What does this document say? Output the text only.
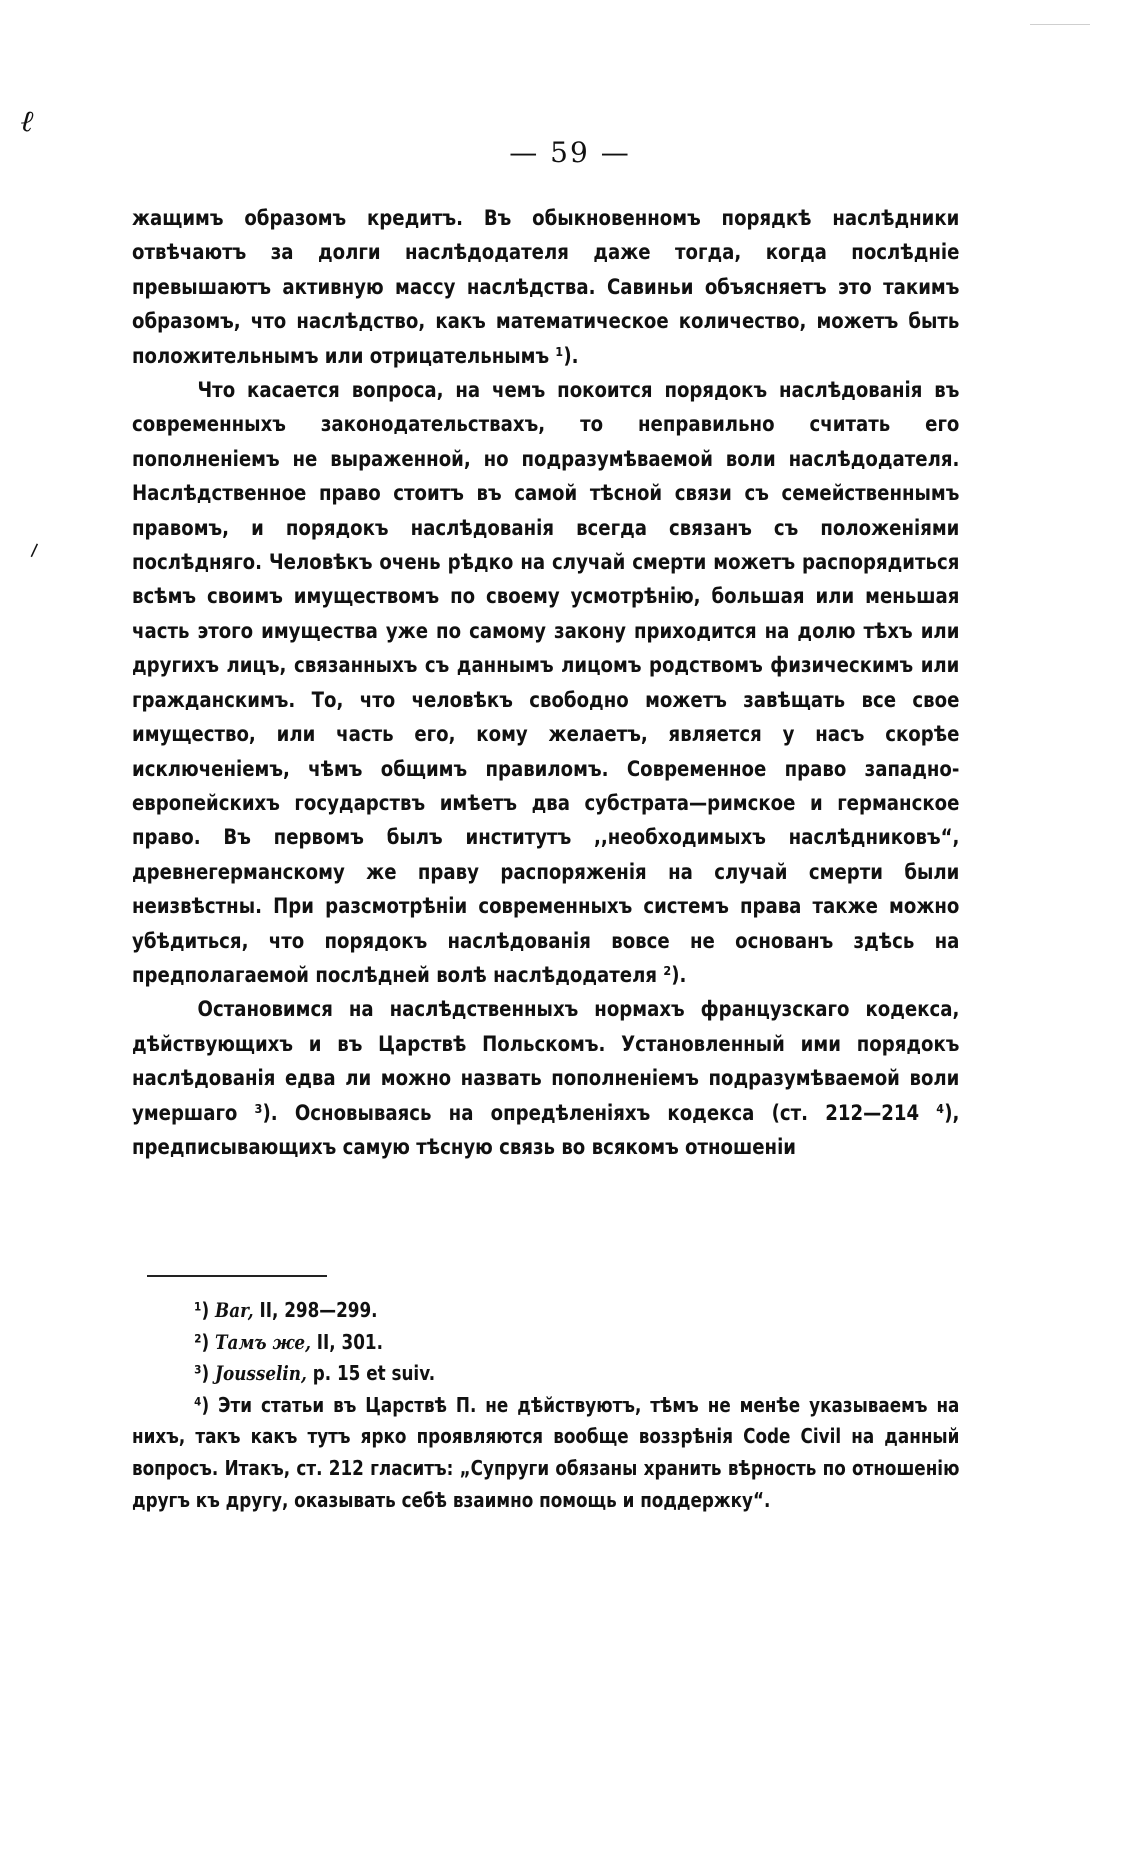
ℓ
⸝
— 59 —

жащимъ образомъ кредитъ. Въ обыкновенномъ порядкѣ наслѣдники отвѣчаютъ за долги наслѣдодателя даже тогда, когда послѣдніе превышаютъ активную массу наслѣдства. Савиньи объясняетъ это такимъ образомъ, что наслѣдство, какъ математическое количество, можетъ быть положительнымъ или отрицательнымъ ¹).

Что касается вопроса, на чемъ покоится порядокъ наслѣдованія въ современныхъ законодательствахъ, то неправильно считать его пополненіемъ не выраженной, но подразумѣваемой воли наслѣдодателя. Наслѣдственное право стоитъ въ самой тѣсной связи съ семейственнымъ правомъ, и порядокъ наслѣдованія всегда связанъ съ положеніями послѣдняго. Человѣкъ очень рѣдко на случай смерти можетъ распорядиться всѣмъ своимъ имуществомъ по своему усмотрѣнію, большая или меньшая часть этого имущества уже по самому закону приходится на долю тѣхъ или другихъ лицъ, связанныхъ съ даннымъ лицомъ родствомъ физическимъ или гражданскимъ. То, что человѣкъ свободно можетъ завѣщать все свое имущество, или часть его, кому желаетъ, является у насъ скорѣе исключеніемъ, чѣмъ общимъ правиломъ. Современное право западно-европейскихъ государствъ имѣетъ два субстрата—римское и германское право. Въ первомъ былъ институтъ ,,необходимыхъ наслѣдниковъ“, древнегерманскому же праву распоряженія на случай смерти были неизвѣстны. При разсмотрѣніи современныхъ системъ права также можно убѣдиться, что порядокъ наслѣдованія вовсе не основанъ здѣсь на предполагаемой послѣдней волѣ наслѣдодателя ²).

Остановимся на наслѣдственныхъ нормахъ французскаго кодекса, дѣйствующихъ и въ Царствѣ Польскомъ. Установленный ими порядокъ наслѣдованія едва ли можно назвать пополненіемъ подразумѣваемой воли умершаго ³). Основываясь на опредѣленіяхъ кодекса (ст. 212—214 ⁴), предписывающихъ самую тѣсную связь во всякомъ отношеніи

¹) Bar, II, 298—299.

²) Тамъ же, II, 301.

³) Jousselin, p. 15 et suiv.

⁴) Эти статьи въ Царствѣ П. не дѣйствуютъ, тѣмъ не менѣе указываемъ на нихъ, такъ какъ тутъ ярко проявляются вообще воззрѣнія Code Civil на данный вопросъ. Итакъ, ст. 212 гласитъ: „Супруги обязаны хранить вѣрность по отношенію другъ къ другу, оказывать себѣ взаимно помощь и поддержку“.
